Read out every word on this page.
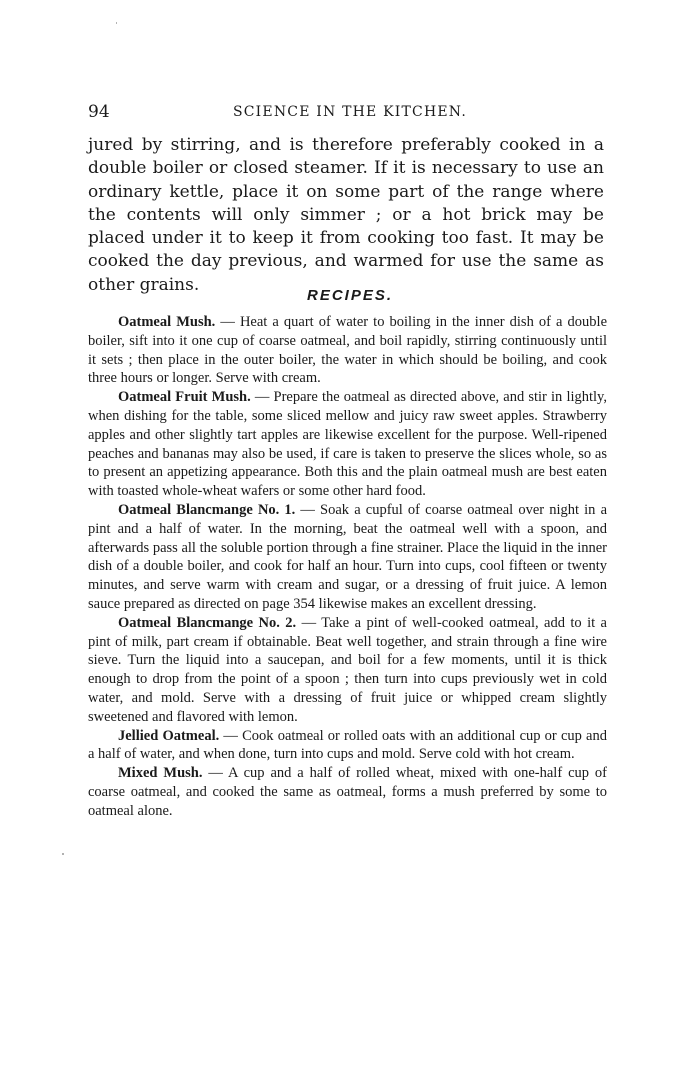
94	SCIENCE IN THE KITCHEN.

jured by stirring, and is therefore preferably cooked in a double boiler or closed steamer. If it is necessary to use an ordinary kettle, place it on some part of the range where the contents will only simmer ; or a hot brick may be placed under it to keep it from cooking too fast. It may be cooked the day previous, and warmed for use the same as other grains.

RECIPES.

Oatmeal Mush. — Heat a quart of water to boiling in the inner dish of a double boiler, sift into it one cup of coarse oatmeal, and boil rapidly, stirring continuously until it sets ; then place in the outer boiler, the water in which should be boiling, and cook three hours or longer. Serve with cream.

Oatmeal Fruit Mush. — Prepare the oatmeal as directed above, and stir in lightly, when dishing for the table, some sliced mellow and juicy raw sweet apples. Strawberry apples and other slightly tart apples are likewise excellent for the purpose. Well-ripened peaches and bananas may also be used, if care is taken to preserve the slices whole, so as to present an appetizing appearance. Both this and the plain oatmeal mush are best eaten with toasted whole-wheat wafers or some other hard food.

Oatmeal Blancmange No. 1. — Soak a cupful of coarse oatmeal over night in a pint and a half of water. In the morning, beat the oatmeal well with a spoon, and afterwards pass all the soluble portion through a fine strainer. Place the liquid in the inner dish of a double boiler, and cook for half an hour. Turn into cups, cool fifteen or twenty minutes, and serve warm with cream and sugar, or a dressing of fruit juice. A lemon sauce prepared as directed on page 354 likewise makes an excellent dressing.

Oatmeal Blancmange No. 2. — Take a pint of well-cooked oatmeal, add to it a pint of milk, part cream if obtainable. Beat well together, and strain through a fine wire sieve. Turn the liquid into a saucepan, and boil for a few moments, until it is thick enough to drop from the point of a spoon ; then turn into cups previously wet in cold water, and mold. Serve with a dressing of fruit juice or whipped cream slightly sweetened and flavored with lemon.

Jellied Oatmeal. — Cook oatmeal or rolled oats with an additional cup or cup and a half of water, and when done, turn into cups and mold. Serve cold with hot cream.

Mixed Mush. — A cup and a half of rolled wheat, mixed with one-half cup of coarse oatmeal, and cooked the same as oatmeal, forms a mush preferred by some to oatmeal alone.
